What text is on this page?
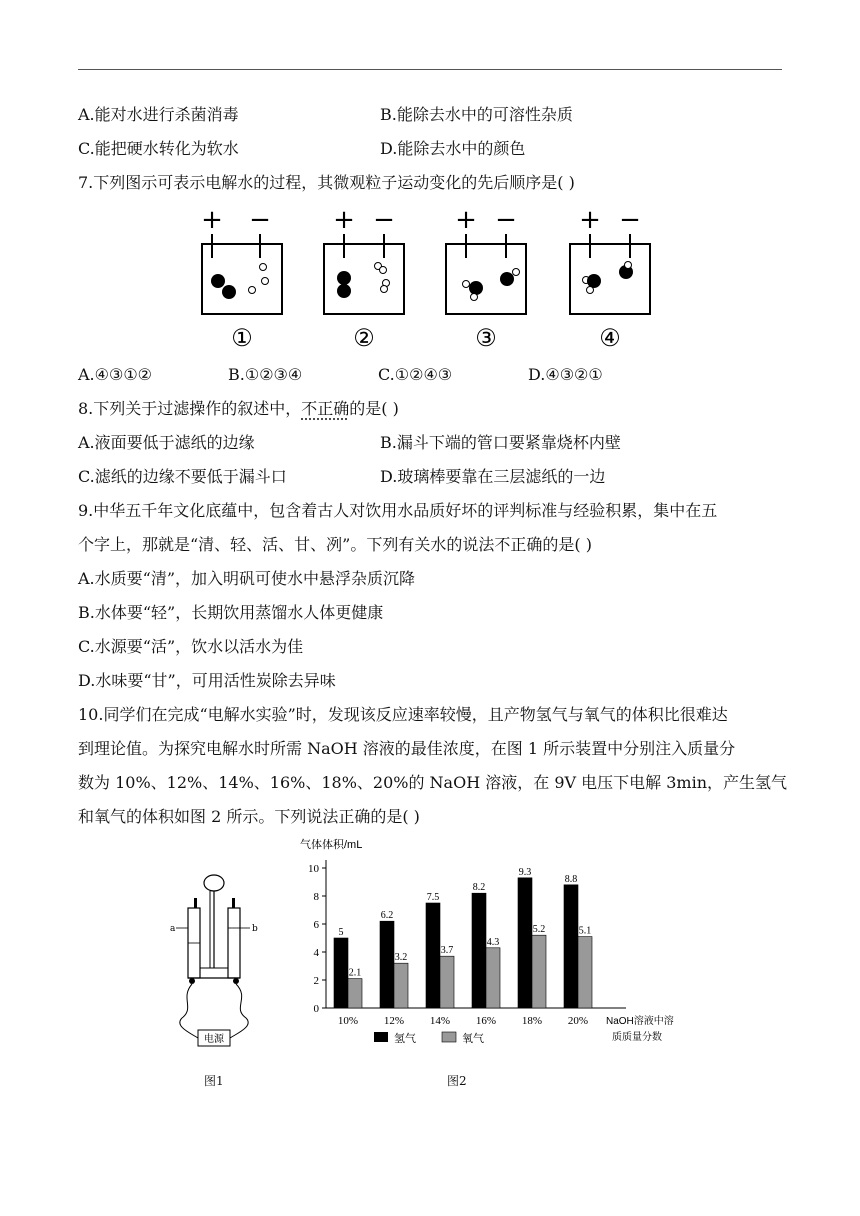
A.能对水进行杀菌消毒	B.能除去水中的可溶性杂质
C.能把硬水转化为软水	D.能除去水中的颜色
7.下列图示可表示电解水的过程，其微观粒子运动变化的先后顺序是( )
+ − + − + − + −
①	②	③	④
A.④③①②	B.①②③④	C.①②④③	D.④③②①
8.下列关于过滤操作的叙述中，不正确的是( )
A.液面要低于滤纸的边缘	B.漏斗下端的管口要紧靠烧杯内壁
C.滤纸的边缘不要低于漏斗口	D.玻璃棒要靠在三层滤纸的一边
9.中华五千年文化底蕴中，包含着古人对饮用水品质好坏的评判标准与经验积累，集中在五
个字上，那就是“清、轻、活、甘、冽”。下列有关水的说法不正确的是( )
A.水质要“清”，加入明矾可使水中悬浮杂质沉降
B.水体要“轻”，长期饮用蒸馏水人体更健康
C.水源要“活”，饮水以活水为佳
D.水味要“甘”，可用活性炭除去异味
10.同学们在完成“电解水实验”时，发现该反应速率较慢，且产物氢气与氧气的体积比很难达
到理论值。为探究电解水时所需 NaOH 溶液的最佳浓度，在图 1 所示装置中分别注入质量分
数为 10%、12%、14%、16%、18%、20%的 NaOH 溶液，在 9V 电压下电解 3min，产生氢气
和氧气的体积如图 2 所示。下列说法正确的是( )
a	b
电源
图1
气体体积/mL
0
2
4
6
8
10
5
2.1
10%
6.2
3.2
12%
7.5
3.7
14%
8.2
4.3
16%
9.3
5.2
18%
8.8
5.1
20% NaOH溶液中溶
质质量分数
氢气	氧气
图2
